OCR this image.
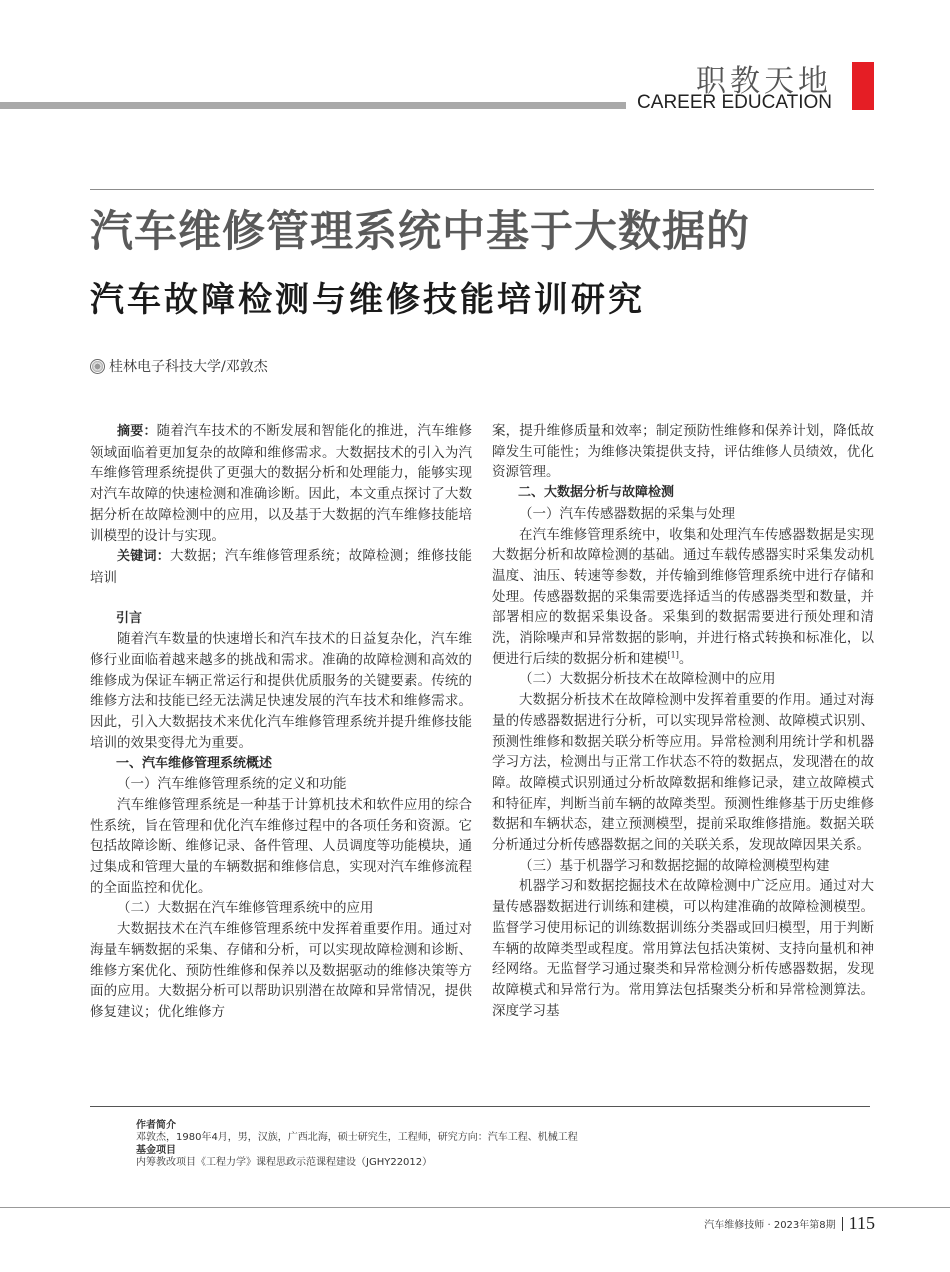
职教天地
CAREER EDUCATION
汽车维修管理系统中基于大数据的
汽车故障检测与维修技能培训研究
桂林电子科技大学/邓敦杰

摘要：随着汽车技术的不断发展和智能化的推进，汽车维修领域面临着更加复杂的故障和维修需求。大数据技术的引入为汽车维修管理系统提供了更强大的数据分析和处理能力，能够实现对汽车故障的快速检测和准确诊断。因此，本文重点探讨了大数据分析在故障检测中的应用，以及基于大数据的汽车维修技能培训模型的设计与实现。

关键词：大数据；汽车维修管理系统；故障检测；维修技能培训

引言

随着汽车数量的快速增长和汽车技术的日益复杂化，汽车维修行业面临着越来越多的挑战和需求。准确的故障检测和高效的维修成为保证车辆正常运行和提供优质服务的关键要素。传统的维修方法和技能已经无法满足快速发展的汽车技术和维修需求。因此，引入大数据技术来优化汽车维修管理系统并提升维修技能培训的效果变得尤为重要。

一、汽车维修管理系统概述

（一）汽车维修管理系统的定义和功能

汽车维修管理系统是一种基于计算机技术和软件应用的综合性系统，旨在管理和优化汽车维修过程中的各项任务和资源。它包括故障诊断、维修记录、备件管理、人员调度等功能模块，通过集成和管理大量的车辆数据和维修信息，实现对汽车维修流程的全面监控和优化。

（二）大数据在汽车维修管理系统中的应用

大数据技术在汽车维修管理系统中发挥着重要作用。通过对海量车辆数据的采集、存储和分析，可以实现故障检测和诊断、维修方案优化、预防性维修和保养以及数据驱动的维修决策等方面的应用。大数据分析可以帮助识别潜在故障和异常情况，提供修复建议；优化维修方

案，提升维修质量和效率；制定预防性维修和保养计划，降低故障发生可能性；为维修决策提供支持，评估维修人员绩效，优化资源管理。

二、大数据分析与故障检测

（一）汽车传感器数据的采集与处理

在汽车维修管理系统中，收集和处理汽车传感器数据是实现大数据分析和故障检测的基础。通过车载传感器实时采集发动机温度、油压、转速等参数，并传输到维修管理系统中进行存储和处理。传感器数据的采集需要选择适当的传感器类型和数量，并部署相应的数据采集设备。采集到的数据需要进行预处理和清洗，消除噪声和异常数据的影响，并进行格式转换和标准化，以便进行后续的数据分析和建模[1]。

（二）大数据分析技术在故障检测中的应用

大数据分析技术在故障检测中发挥着重要的作用。通过对海量的传感器数据进行分析，可以实现异常检测、故障模式识别、预测性维修和数据关联分析等应用。异常检测利用统计学和机器学习方法，检测出与正常工作状态不符的数据点，发现潜在的故障。故障模式识别通过分析故障数据和维修记录，建立故障模式和特征库，判断当前车辆的故障类型。预测性维修基于历史维修数据和车辆状态，建立预测模型，提前采取维修措施。数据关联分析通过分析传感器数据之间的关联关系，发现故障因果关系。

（三）基于机器学习和数据挖掘的故障检测模型构建

机器学习和数据挖掘技术在故障检测中广泛应用。通过对大量传感器数据进行训练和建模，可以构建准确的故障检测模型。监督学习使用标记的训练数据训练分类器或回归模型，用于判断车辆的故障类型或程度。常用算法包括决策树、支持向量机和神经网络。无监督学习通过聚类和异常检测分析传感器数据，发现故障模式和异常行为。常用算法包括聚类分析和异常检测算法。深度学习基

作者简介
邓敦杰，1980年4月，男，汉族，广西北海，硕士研究生，工程师，研究方向：汽车工程、机械工程
基金项目
内筹教改项目《工程力学》课程思政示范课程建设（JGHY22012）
汽车维修技师 · 2023年第8期 115
